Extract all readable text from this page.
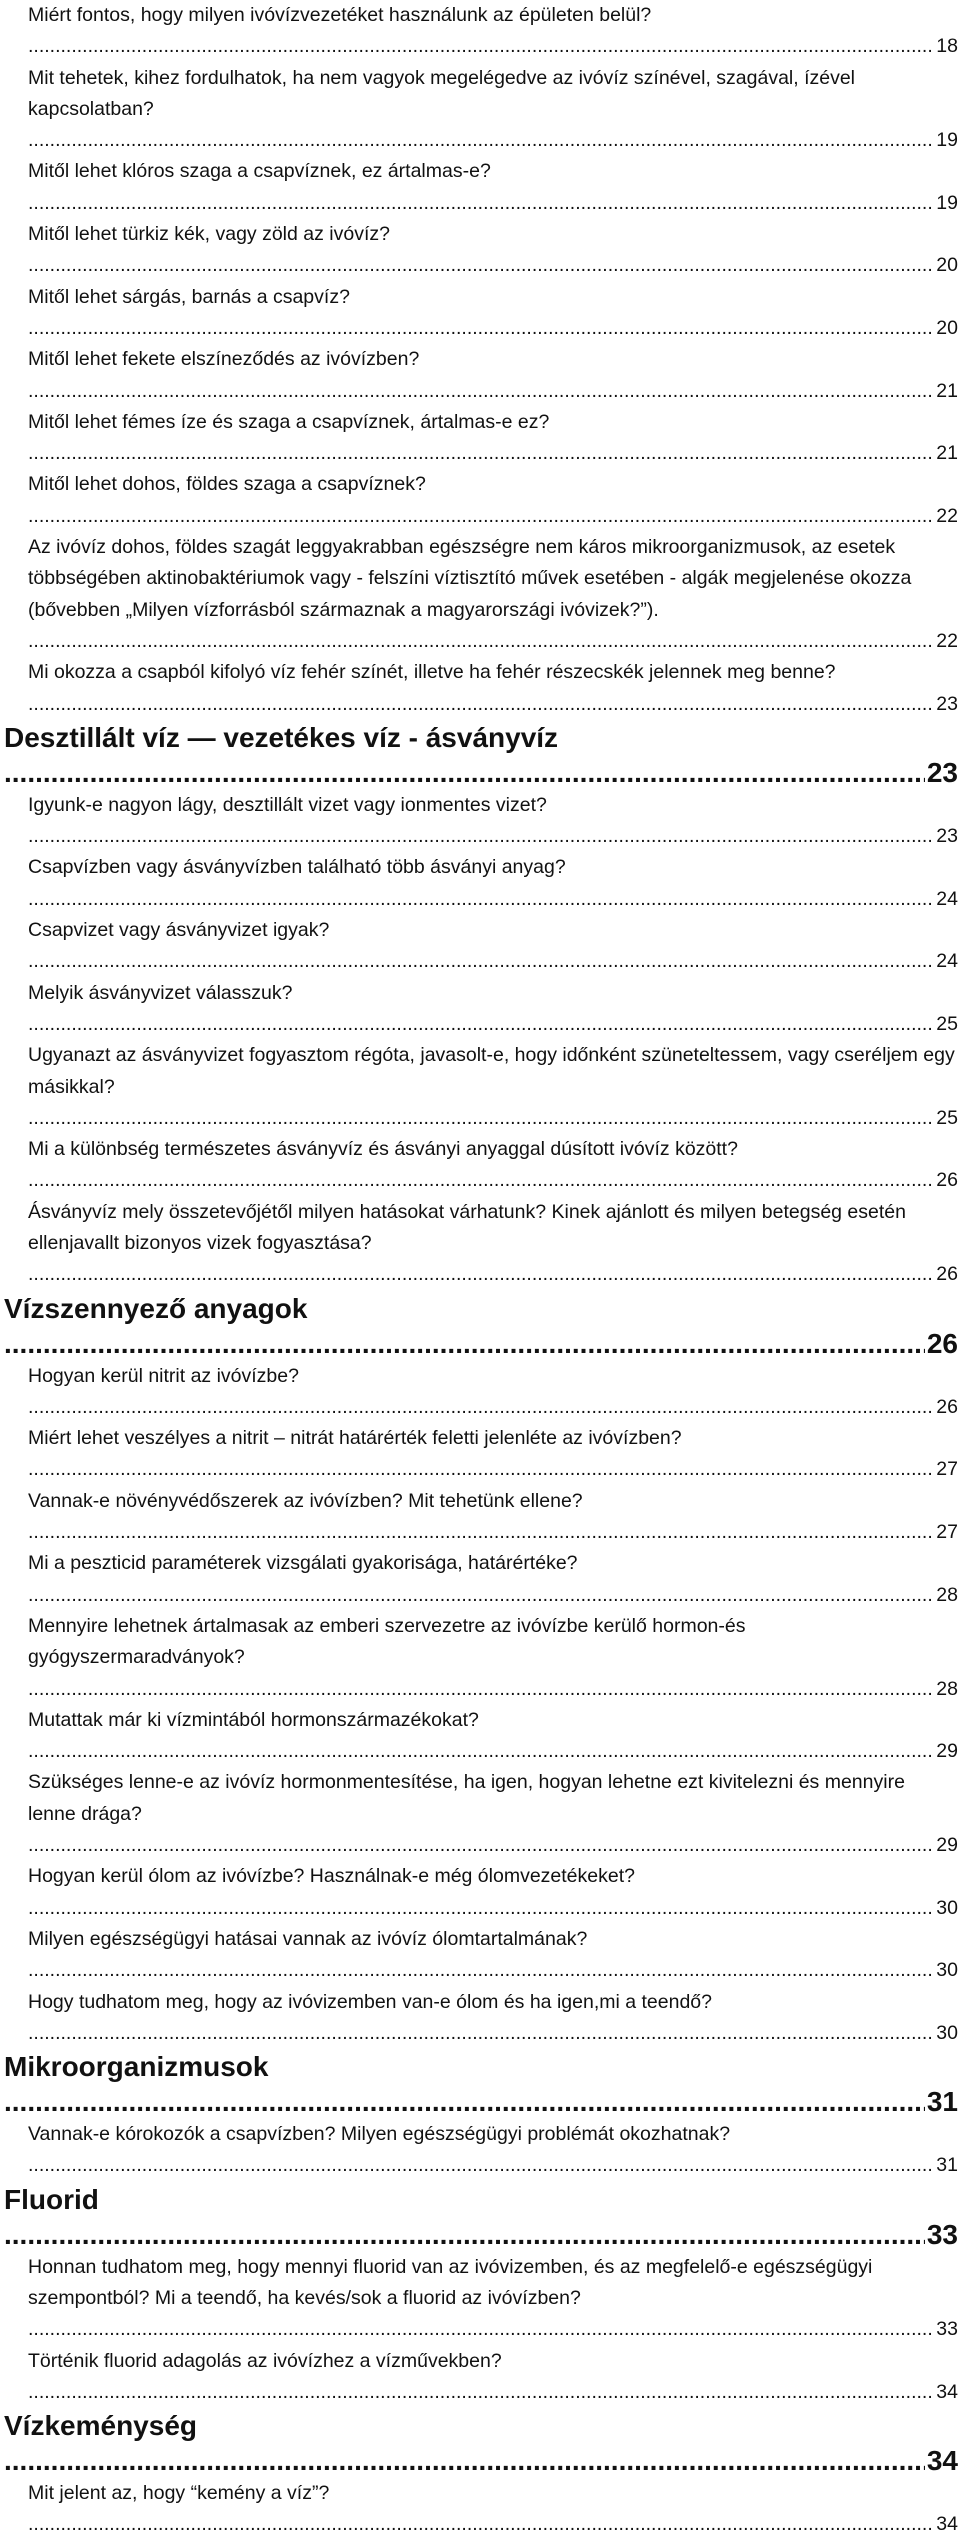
Miért fontos, hogy milyen ivóvízvezetéket használunk az épületen belül? .....
18
Mit tehetek, kihez fordulhatok, ha nem vagyok megelégedve az ivóvíz színével, szagával, ízével kapcsolatban? .....
19
Mitől lehet klóros szaga a csapvíznek, ez ártalmas-e? .....
19
Mitől lehet türkiz kék, vagy zöld az ivóvíz? .....
20
Mitől lehet sárgás, barnás a csapvíz? .....
20
Mitől lehet fekete elszíneződés az ivóvízben? .....
21
Mitől lehet fémes íze és szaga a csapvíznek, ártalmas-e ez? .....
21
Mitől lehet dohos, földes szaga a csapvíznek? .....
22
Az ivóvíz dohos, földes szagát leggyakrabban egészségre nem káros mikroorganizmusok, az esetek többségében aktinobaktériumok vagy - felszíni víztisztító művek esetében - algák megjelenése okozza (bővebben „Milyen vízforrásból származnak a magyarországi ivóvizek?”). .....
22
Mi okozza a csapból kifolyó víz fehér színét, illetve ha fehér részecskék jelennek meg benne? .....
23
Desztillált víz — vezetékes víz - ásványvíz .....
23
Igyunk-e nagyon lágy, desztillált vizet vagy ionmentes vizet? .....
23
Csapvízben vagy ásványvízben található több ásványi anyag? .....
24
Csapvizet vagy ásványvizet igyak? .....
24
Melyik ásványvizet válasszuk? .....
25
Ugyanazt az ásványvizet fogyasztom régóta, javasolt-e, hogy időnként szüneteltessem, vagy cseréljem egy másikkal? .....
25
Mi a különbség természetes ásványvíz és ásványi anyaggal dúsított ivóvíz között? .....
26
Ásványvíz mely összetevőjétől milyen hatásokat várhatunk? Kinek ajánlott és milyen betegség esetén ellenjavallt bizonyos vizek fogyasztása? .....
26
Vízszennyező anyagok .....
26
Hogyan kerül nitrit az ivóvízbe? .....
26
Miért lehet veszélyes a nitrit – nitrát határérték feletti jelenléte az ivóvízben? .....
27
Vannak-e növényvédőszerek az ivóvízben? Mit tehetünk ellene? .....
27
Mi a peszticid paraméterek vizsgálati gyakorisága, határértéke? .....
28
Mennyire lehetnek ártalmasak az emberi szervezetre az ivóvízbe kerülő hormon-és gyógyszermaradványok? .....
28
Mutattak már ki vízmintából hormonszármazékokat? .....
29
Szükséges lenne-e az ivóvíz hormonmentesítése, ha igen, hogyan lehetne ezt kivitelezni és mennyire lenne drága? .....
29
Hogyan kerül ólom az ivóvízbe? Használnak-e még ólomvezetékeket? .....
30
Milyen egészségügyi hatásai vannak az ivóvíz ólomtartalmának? .....
30
Hogy tudhatom meg, hogy az ivóvizemben van-e ólom és ha igen,mi a teendő? .....
30
Mikroorganizmusok .....
31
Vannak-e kórokozók a csapvízben? Milyen egészségügyi problémát okozhatnak? .....
31
Fluorid .....
33
Honnan tudhatom meg, hogy mennyi fluorid van az ivóvizemben, és az megfelelő-e egészségügyi szempontból? Mi a teendő, ha kevés/sok a fluorid az ivóvízben? .....
33
Történik fluorid adagolás az ivóvízhez a vízművekben? .....
34
Vízkeménység .....
34
Mit jelent az, hogy “kemény a víz”? .....
34
